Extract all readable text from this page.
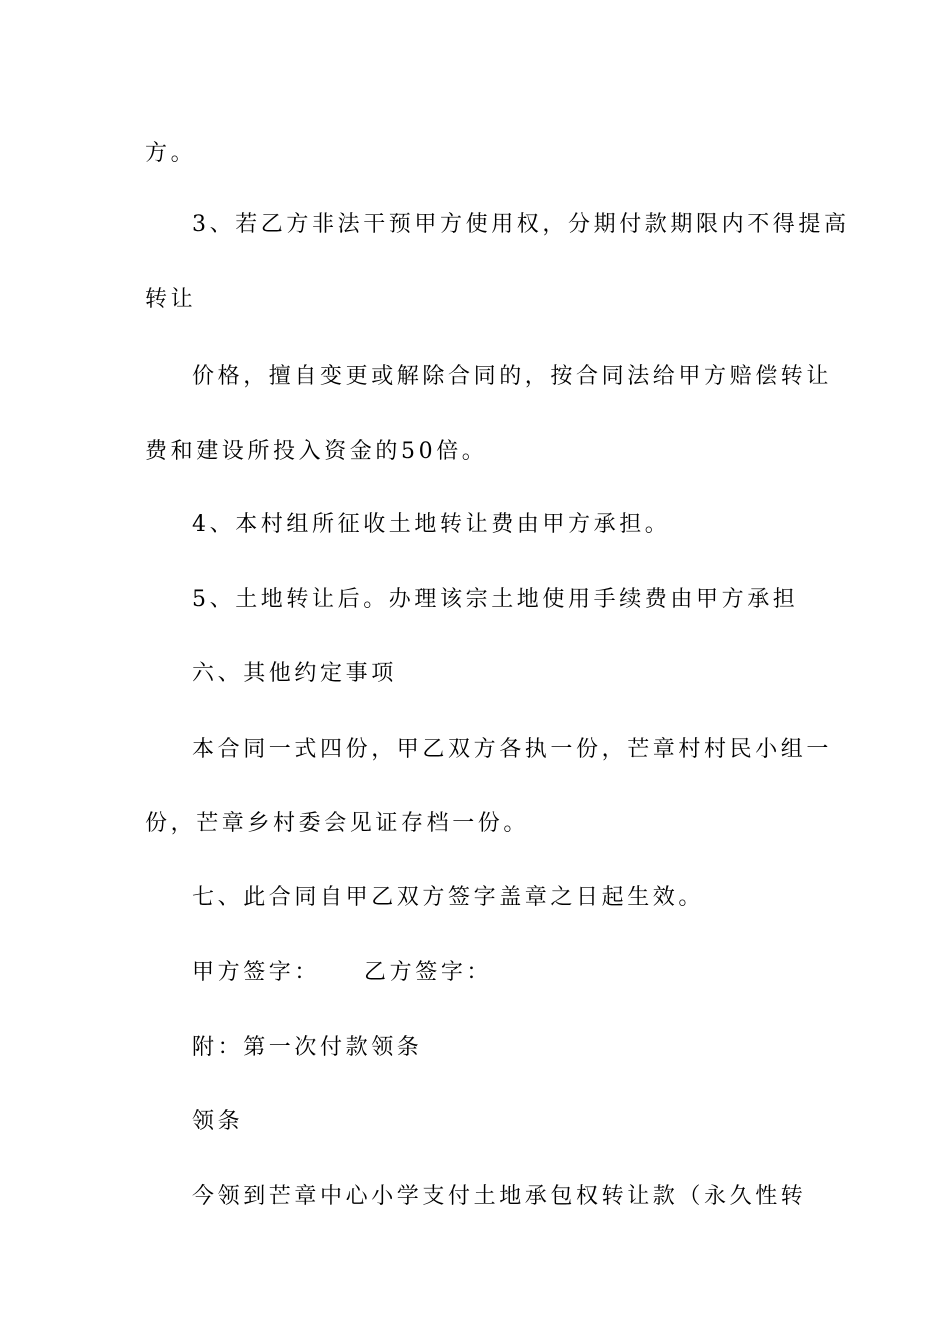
方。
3、若乙方非法干预甲方使用权，分期付款期限内不得提高
转让
价格，擅自变更或解除合同的，按合同法给甲方赔偿转让
费和建设所投入资金的50倍。
4、本村组所征收土地转让费由甲方承担。
5、土地转让后。办理该宗土地使用手续费由甲方承担
六、其他约定事项
本合同一式四份，甲乙双方各执一份，芒章村村民小组一
份，芒章乡村委会见证存档一份。
七、此合同自甲乙双方签字盖章之日起生效。
甲方签字： 乙方签字：
附：第一次付款领条
领条
今领到芒章中心小学支付土地承包权转让款（永久性转
